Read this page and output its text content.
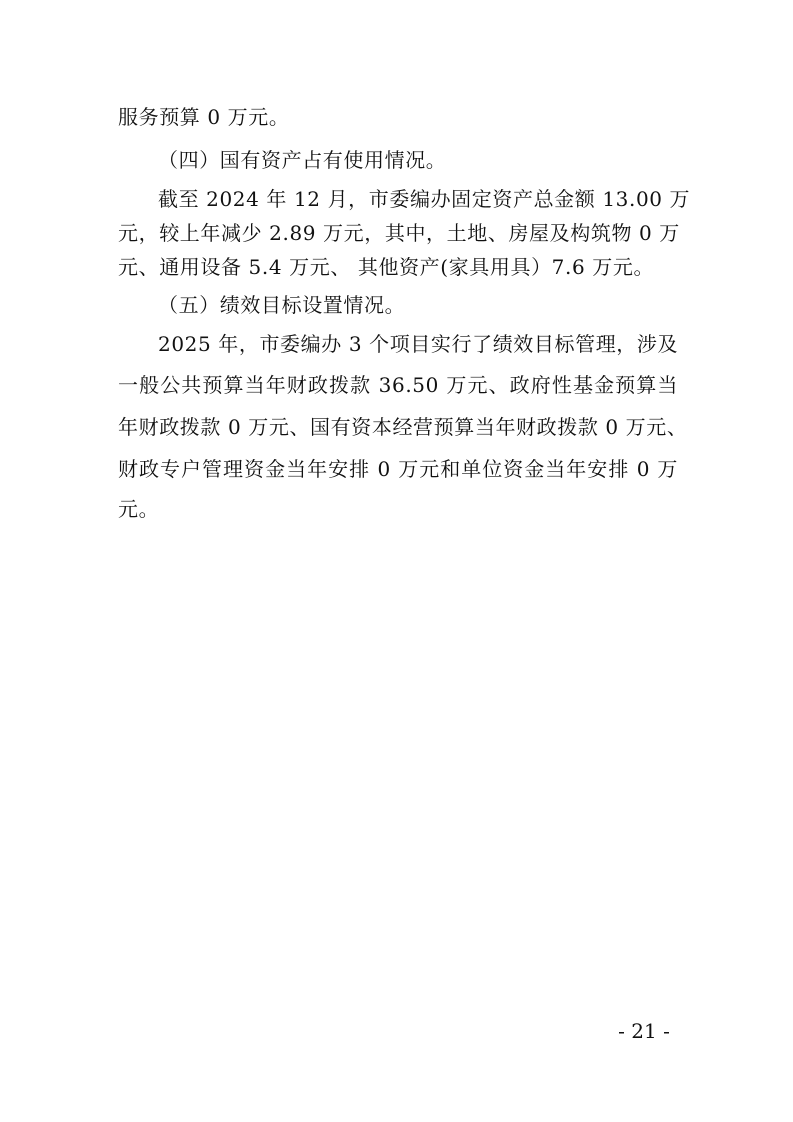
服务预算 0 万元。
（四）国有资产占有使用情况。
截至 2024 年 12 月，市委编办固定资产总金额 13.00 万
元，较上年减少 2.89 万元，其中，土地、房屋及构筑物 0 万
元、通用设备 5.4 万元、 其他资产(家具用具）7.6 万元。
（五）绩效目标设置情况。
2025 年，市委编办 3 个项目实行了绩效目标管理，涉及
一般公共预算当年财政拨款 36.50 万元、政府性基金预算当
年财政拨款 0 万元、国有资本经营预算当年财政拨款 0 万元、
财政专户管理资金当年安排 0 万元和单位资金当年安排 0 万
元。
- 21 -
